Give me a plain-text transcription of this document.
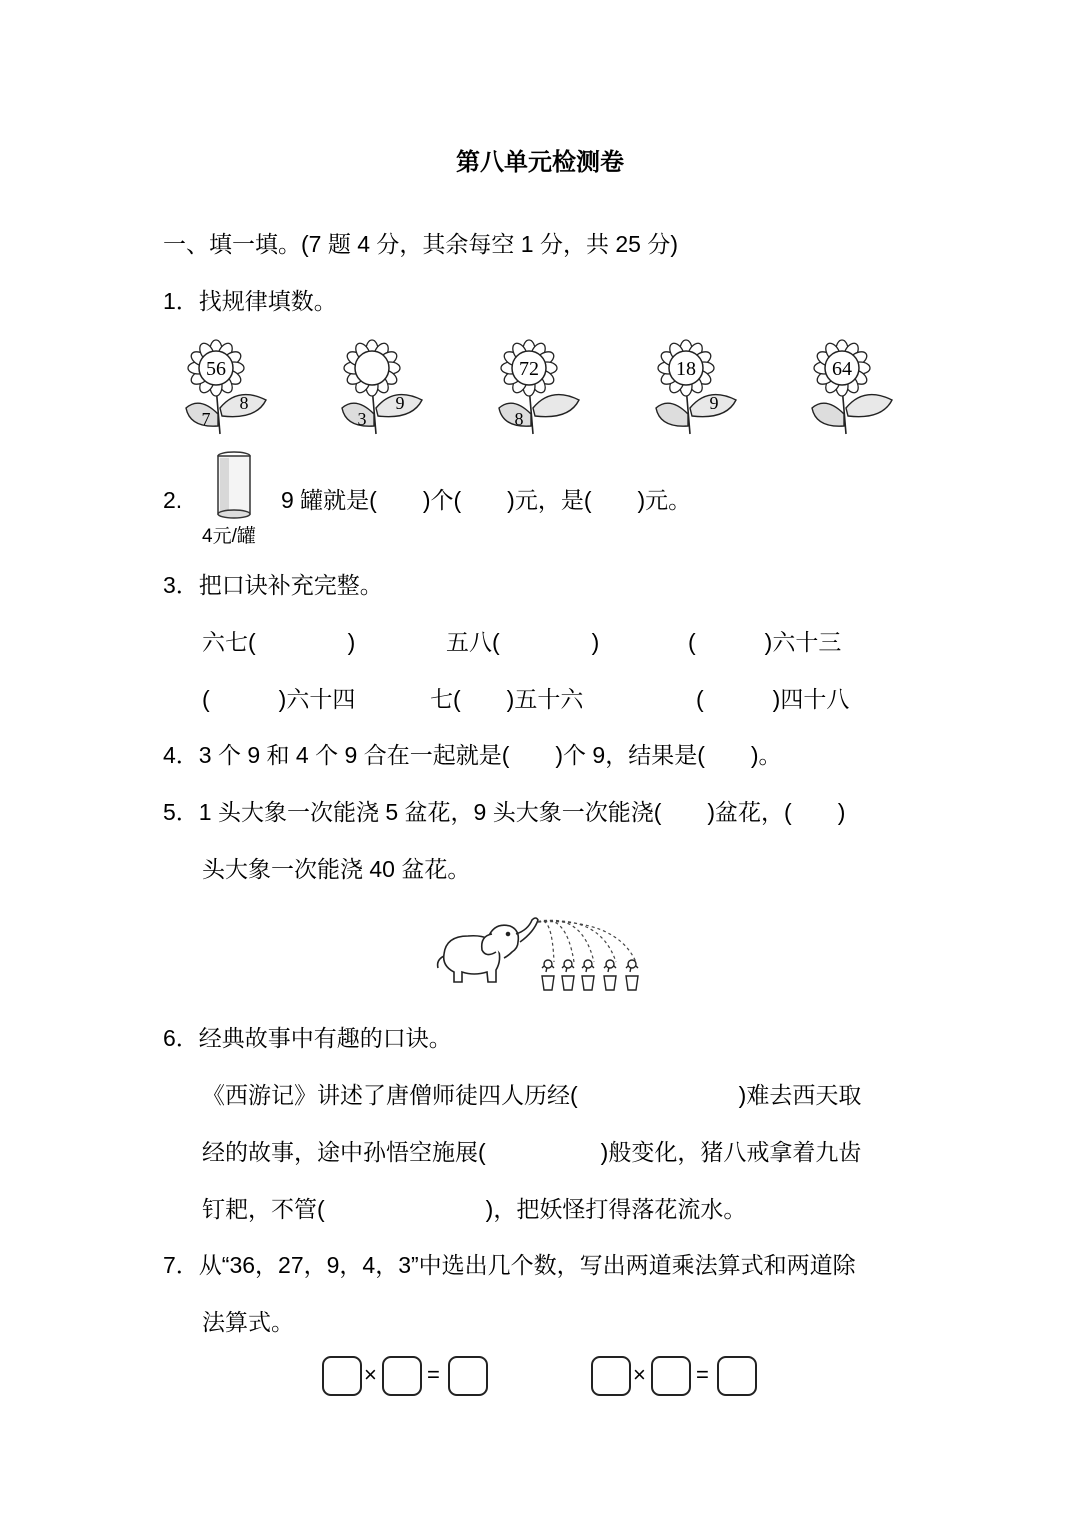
第八单元检测卷
一、填一填。(7 题 4 分，其余每空 1 分，共 25 分)
1．找规律填数。
56
7
8
3
9
72
8
18
9
64
2.
4元/罐
9 罐就是(　　)个(　　)元，是(　　)元。
3．把口诀补充完整。
六七(　　　　)	五八(　　　　)	(　　　)六十三
(　　　)六十四	七(　　)五十六	(　　　)四十八
4．3 个 9 和 4 个 9 合在一起就是(　　)个 9，结果是(　　)。
5．1 头大象一次能浇 5 盆花，9 头大象一次能浇(　　)盆花，(　　)
头大象一次能浇 40 盆花。
6．经典故事中有趣的口诀。
《西游记》讲述了唐僧师徒四人历经(　　　　　　　)难去西天取
经的故事，途中孙悟空施展(　　　　　)般变化，猪八戒拿着九齿
钉耙，不管(　　　　　　　)，把妖怪打得落花流水。
7．从“36，27，9，4，3”中选出几个数，写出两道乘法算式和两道除
法算式。
× =	× =
